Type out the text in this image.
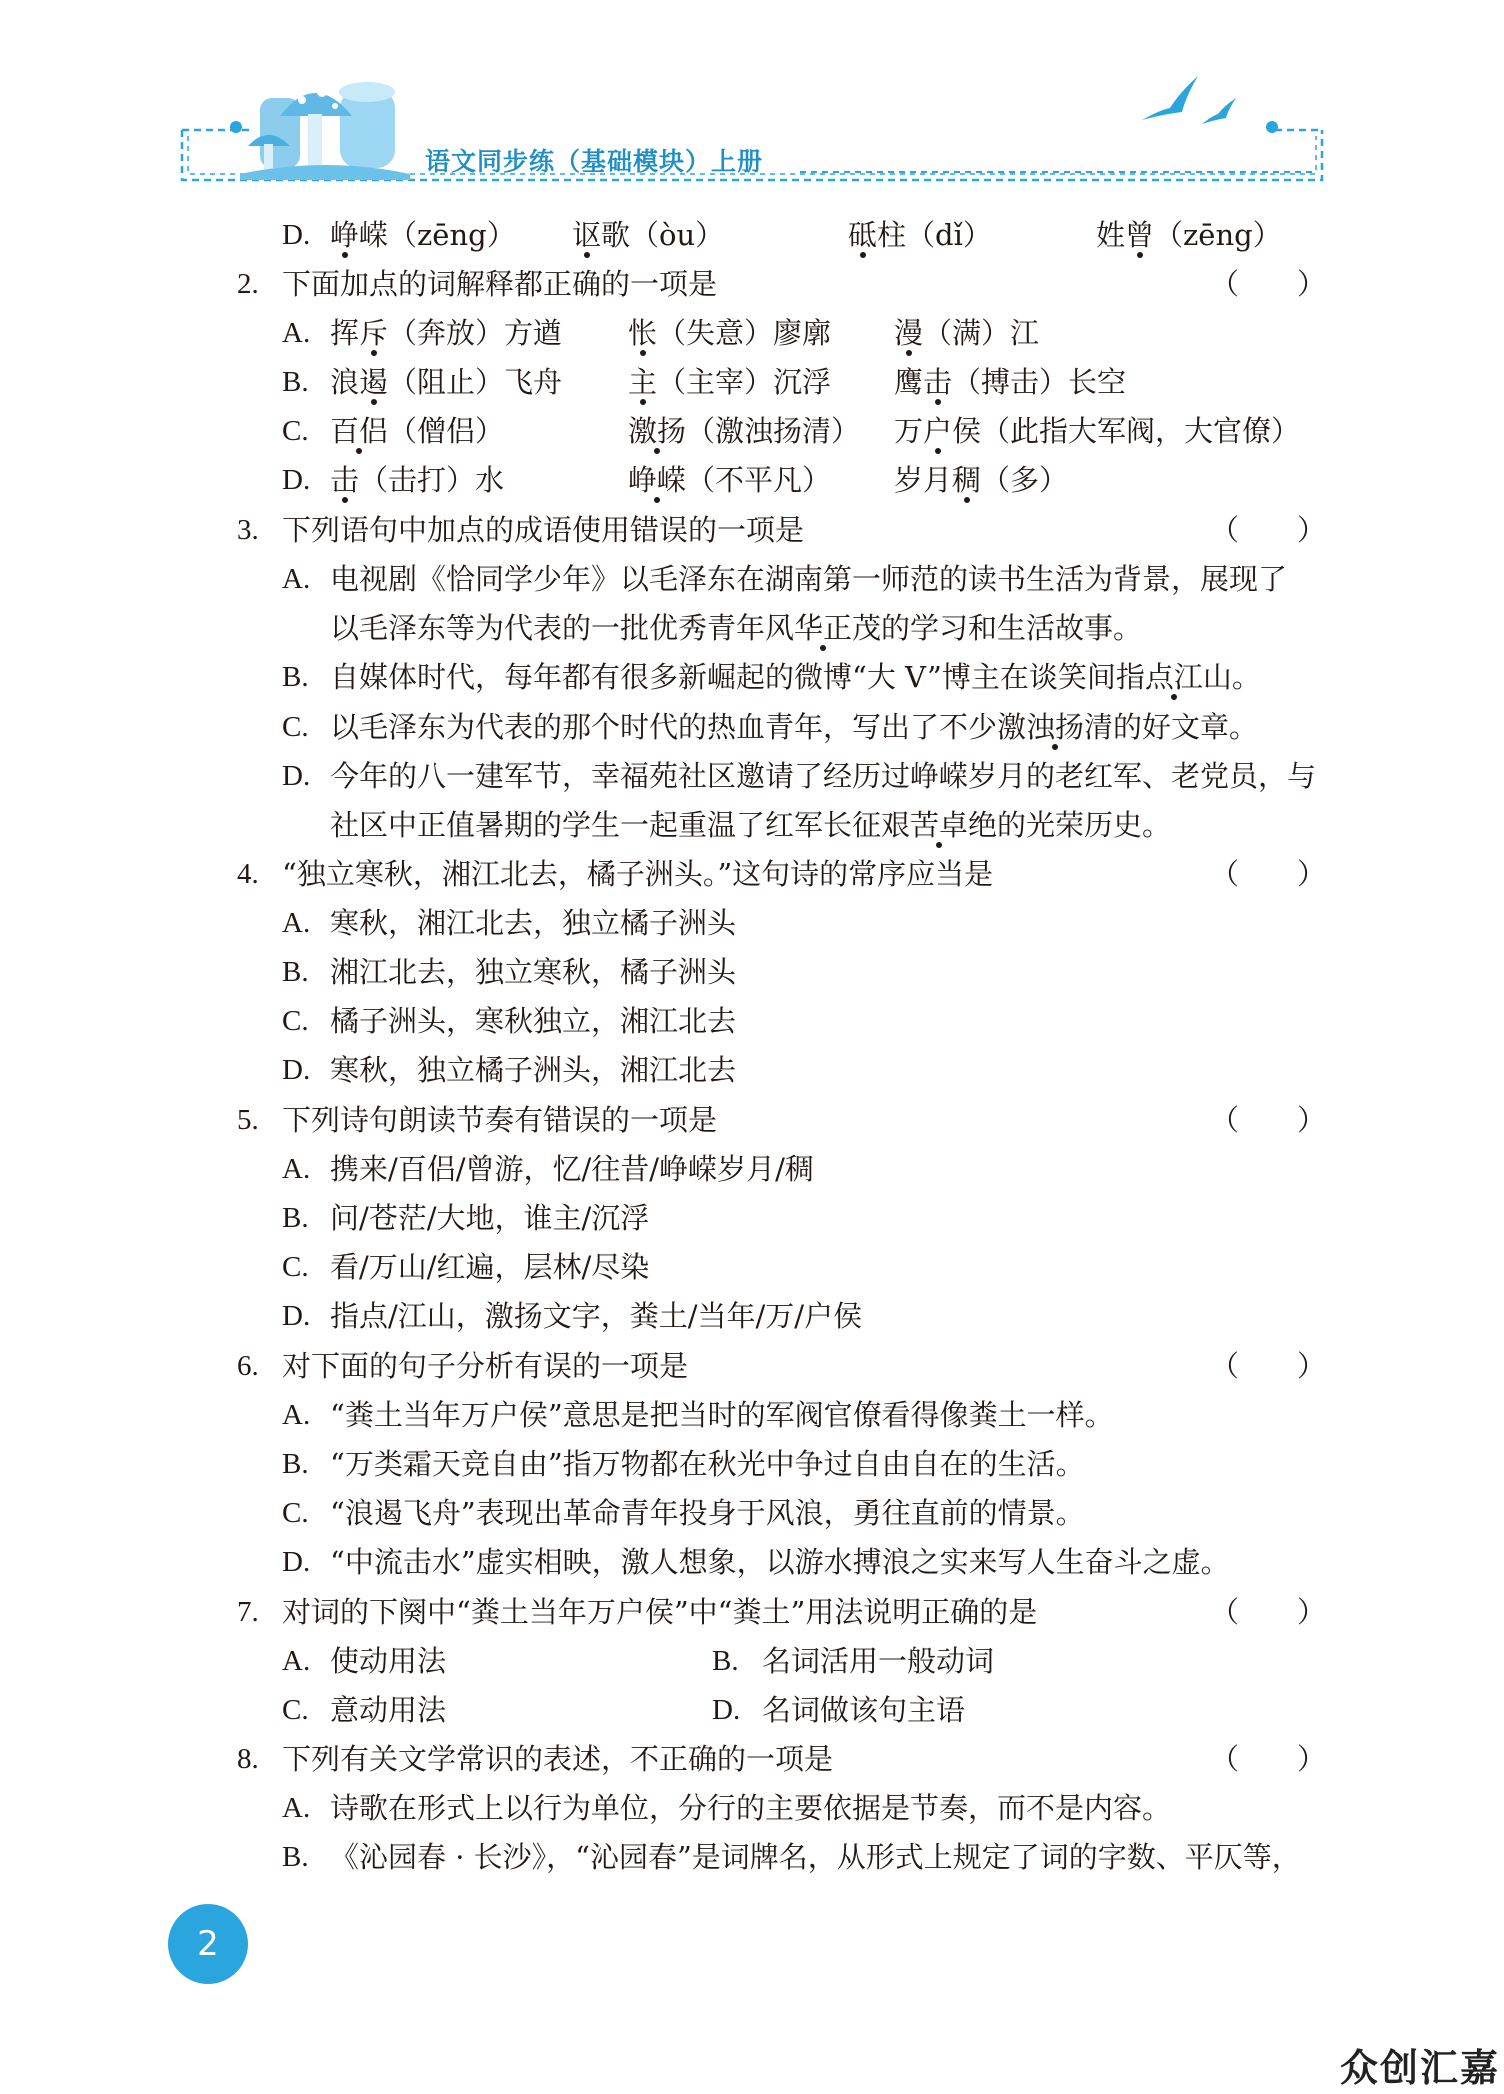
语文同步练（基础模块）上册
D. 峥嵘（zēng） 讴歌（òu）	砥柱（dǐ）	姓曾（zēng）
2. 下面加点的词解释都正确的一项是	（　　）
A. 挥斥（奔放）方遒 怅（失意）廖廓 漫（满）江
B. 浪遏（阻止）飞舟 主（主宰）沉浮 鹰击（搏击）长空
C. 百侣（僧侣）	激扬（激浊扬清） 万户侯（此指大军阀，大官僚）
D. 击（击打）水	峥嵘（不平凡） 岁月稠（多）
3. 下列语句中加点的成语使用错误的一项是	（　　）
A. 电视剧《恰同学少年》以毛泽东在湖南第一师范的读书生活为背景，展现了
以毛泽东等为代表的一批优秀青年风华正茂的学习和生活故事。
B. 自媒体时代，每年都有很多新崛起的微博“大 V”博主在谈笑间指点江山。
C. 以毛泽东为代表的那个时代的热血青年，写出了不少激浊扬清的好文章。
D. 今年的八一建军节，幸福苑社区邀请了经历过峥嵘岁月的老红军、老党员，与
社区中正值暑期的学生一起重温了红军长征艰苦卓绝的光荣历史。
4. “独立寒秋，湘江北去，橘子洲头。”这句诗的常序应当是	（　　）
A. 寒秋，湘江北去，独立橘子洲头
B. 湘江北去，独立寒秋，橘子洲头
C. 橘子洲头，寒秋独立，湘江北去
D. 寒秋，独立橘子洲头，湘江北去
5. 下列诗句朗读节奏有错误的一项是	（　　）
A. 携来/百侣/曾游，忆/往昔/峥嵘岁月/稠
B. 问/苍茫/大地，谁主/沉浮
C. 看/万山/红遍，层林/尽染
D. 指点/江山，激扬文字，粪土/当年/万/户侯
6. 对下面的句子分析有误的一项是	（　　）
A. “粪土当年万户侯”意思是把当时的军阀官僚看得像粪土一样。
B. “万类霜天竞自由”指万物都在秋光中争过自由自在的生活。
C. “浪遏飞舟”表现出革命青年投身于风浪，勇往直前的情景。
D. “中流击水”虚实相映，激人想象，以游水搏浪之实来写人生奋斗之虚。
7. 对词的下阕中“粪土当年万户侯”中“粪土”用法说明正确的是	（　　）
A. 使动用法	B. 名词活用一般动词
C. 意动用法	D. 名词做该句主语
8. 下列有关文学常识的表述，不正确的一项是	（　　）
A. 诗歌在形式上以行为单位，分行的主要依据是节奏，而不是内容。
B. 《沁园春 · 长沙》，“沁园春”是词牌名，从形式上规定了词的字数、平仄等，
2
众创汇嘉
